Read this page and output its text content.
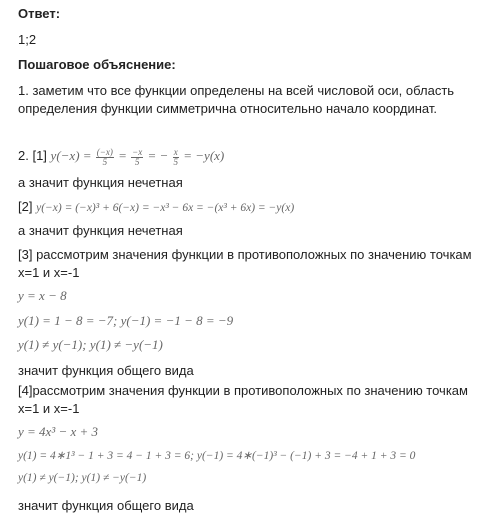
Ответ:
1;2
Пошаговое объяснение:
1. заметим что все функции определены на всей числовой оси, область определения функции симметрична относительно начало координат.
2. [1] $y(-x) = \frac{(-x)}{5} = \frac{-x}{5}$ = − $\frac{x}{5} = -y(x)$
а значит функция нечетная
[2] y(−x) = (−x)³ + 6(−x) = −x³ − 6x = −(x³ + 6x) = −y(x)
а значит функция нечетная
[3] рассмотрим значения функции в противоположных по значению точкам x=1 и x=-1
y = x − 8
y(1) = 1 − 8 = −7; y(−1) = −1 − 8 = −9
y(1) ≠ y(−1); y(1) ≠ −y(−1)
значит функция общего вида
[4]рассмотрим значения функции в противоположных по значению точкам x=1 и x=-1
y = 4x³ − x + 3
y(1) = 4∗1³ − 1 + 3 = 4 − 1 + 3 = 6; y(−1) = 4∗(−1)³ − (−1) + 3 = −4 + 1 + 3 = 0
y(1) ≠ y(−1); y(1) ≠ −y(−1)
значит функция общего вида
